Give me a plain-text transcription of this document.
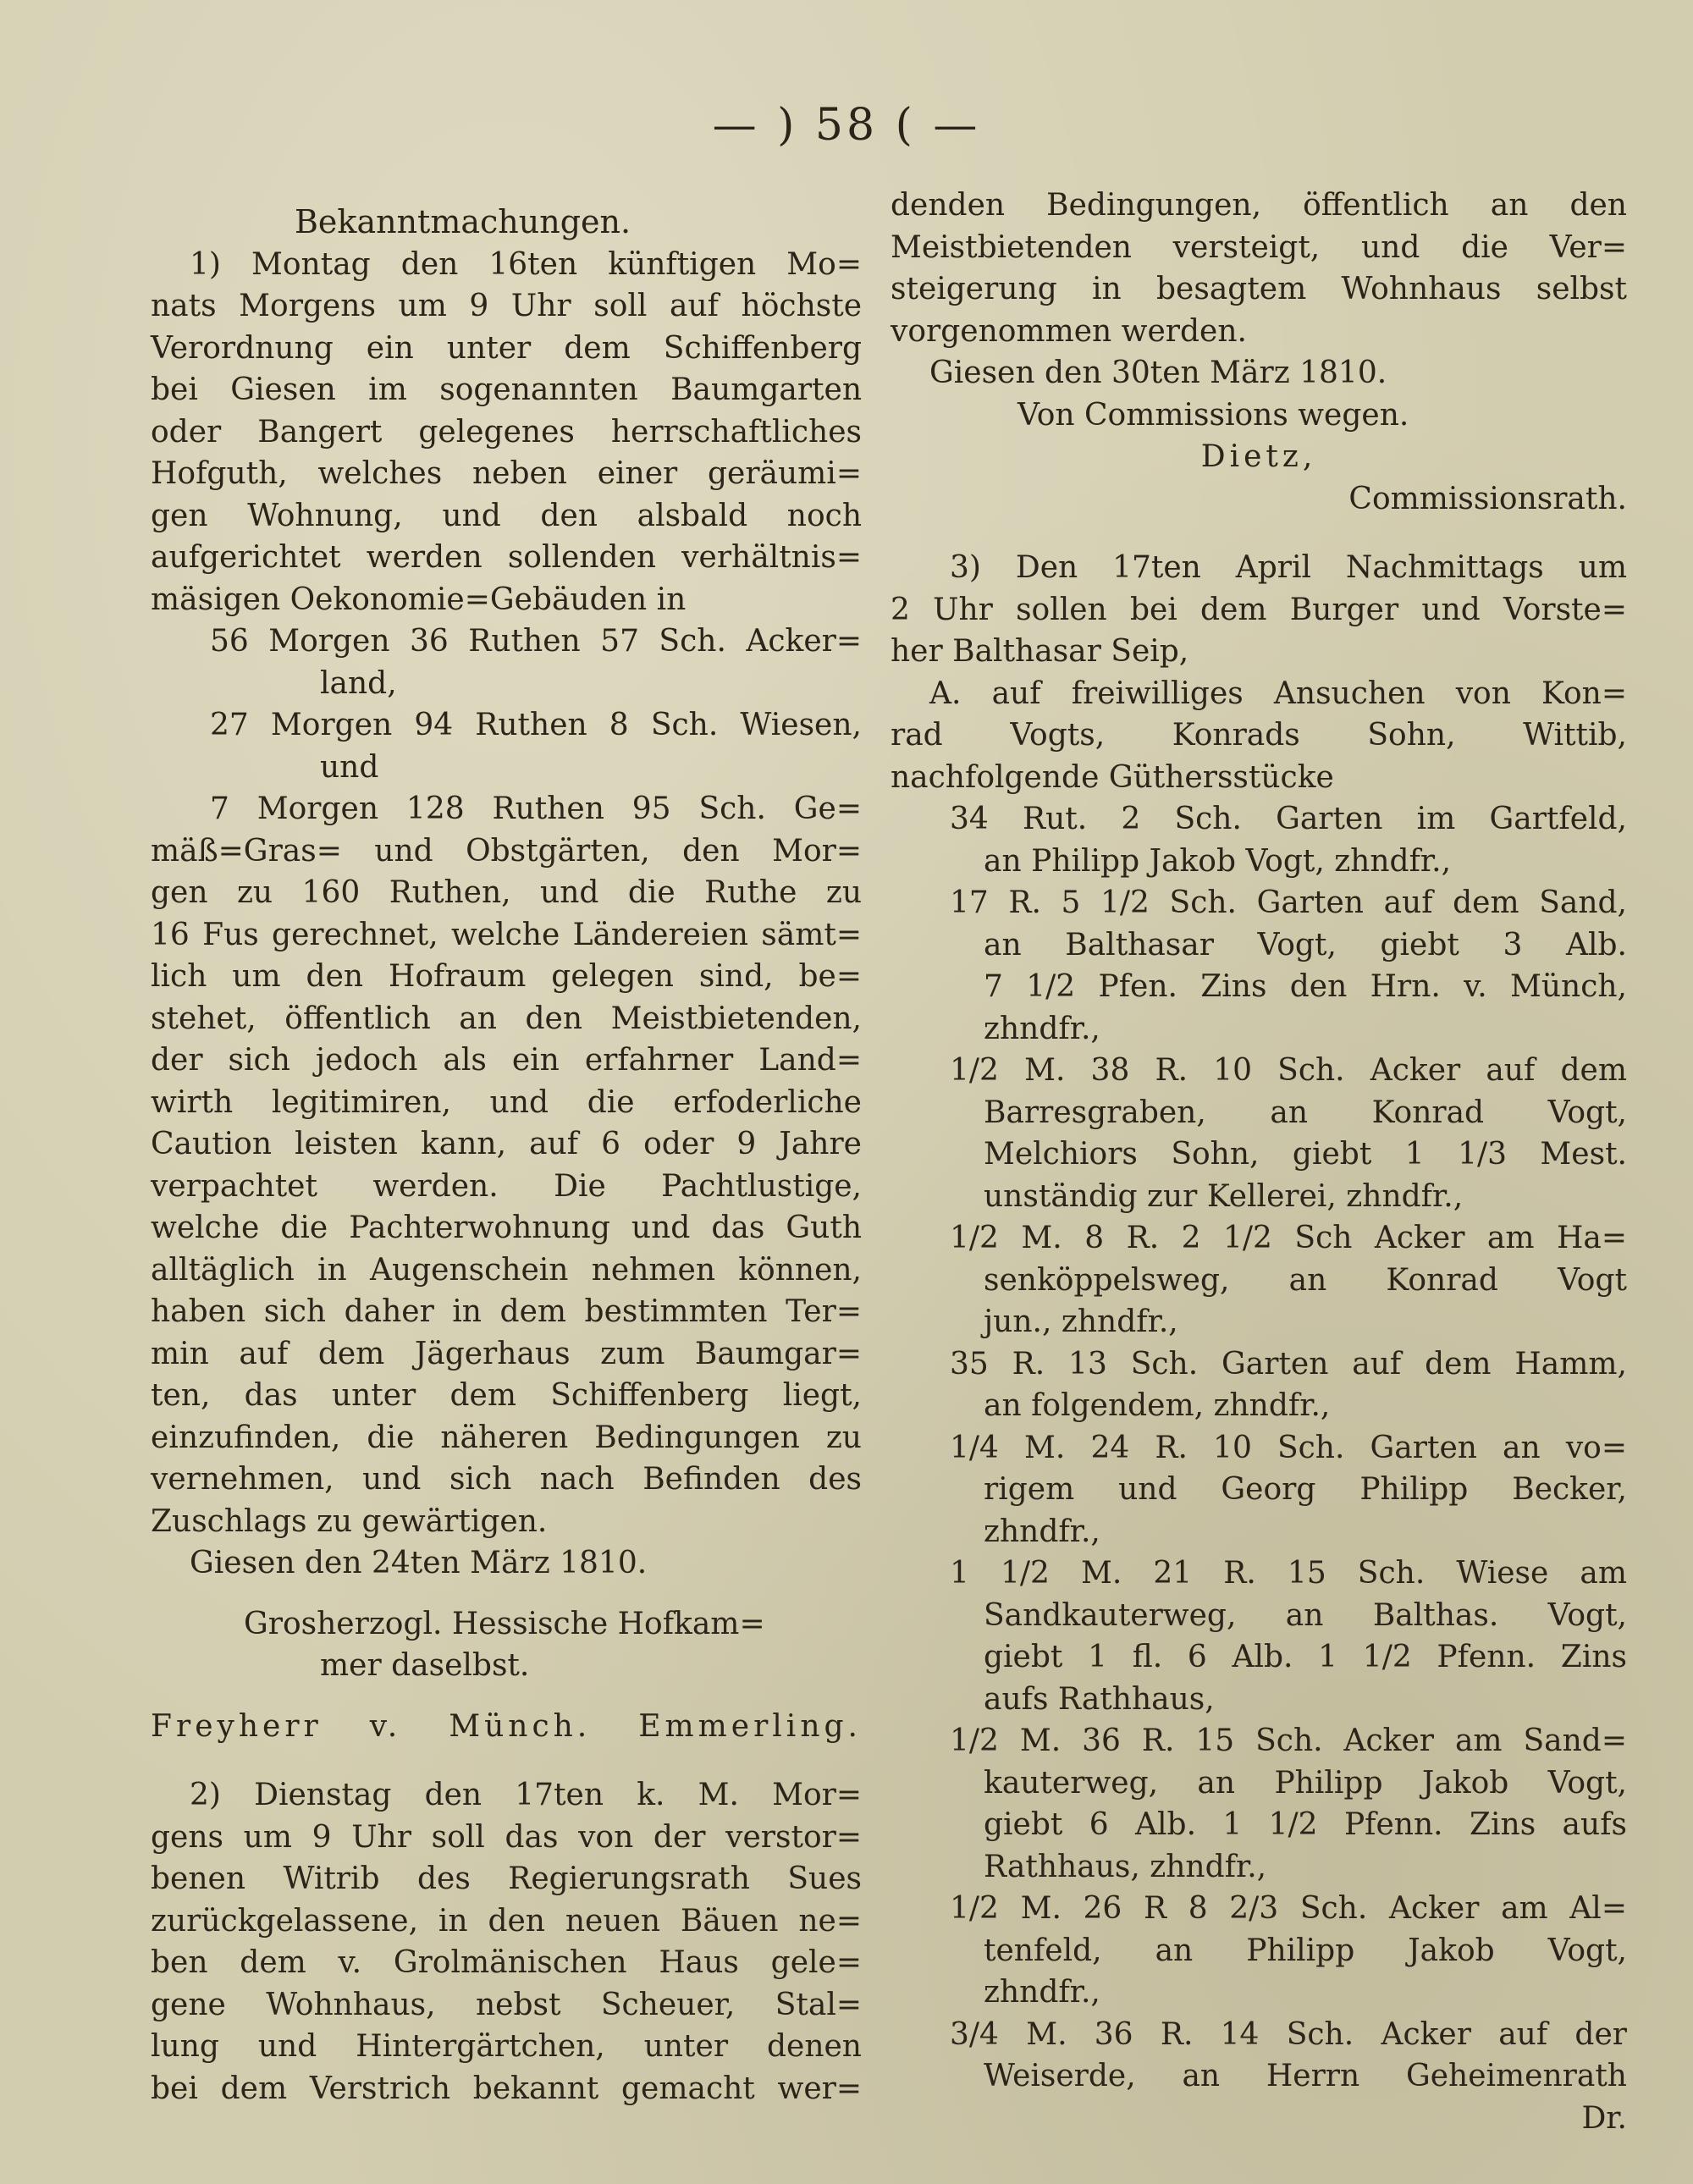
— ) 58 ( —
Bekanntmachungen.
1) Montag den 16ten künftigen Mo=
nats Morgens um 9 Uhr soll auf höchste
Verordnung ein unter dem Schiffenberg
bei Giesen im sogenannten Baumgarten
oder Bangert gelegenes herrschaftliches
Hofguth, welches neben einer geräumi=
gen Wohnung, und den alsbald noch
aufgerichtet werden sollenden verhältnis=
mäsigen Oekonomie=Gebäuden in
56 Morgen 36 Ruthen 57 Sch. Acker=
land,
27 Morgen 94 Ruthen 8 Sch. Wiesen,
und
7 Morgen 128 Ruthen 95 Sch. Ge=
mäß=Gras= und Obstgärten, den Mor=
gen zu 160 Ruthen, und die Ruthe zu
16 Fus gerechnet, welche Ländereien sämt=
lich um den Hofraum gelegen sind, be=
stehet, öffentlich an den Meistbietenden,
der sich jedoch als ein erfahrner Land=
wirth legitimiren, und die erfoderliche
Caution leisten kann, auf 6 oder 9 Jahre
verpachtet werden. Die Pachtlustige,
welche die Pachterwohnung und das Guth
alltäglich in Augenschein nehmen können,
haben sich daher in dem bestimmten Ter=
min auf dem Jägerhaus zum Baumgar=
ten, das unter dem Schiffenberg liegt,
einzufinden, die näheren Bedingungen zu
vernehmen, und sich nach Befinden des
Zuschlags zu gewärtigen.
Giesen den 24ten März 1810.
Grosherzogl. Hessische Hofkam=
mer daselbst.
Freyherr v. Münch. Emmerling.
2) Dienstag den 17ten k. M. Mor=
gens um 9 Uhr soll das von der verstor=
benen Witrib des Regierungsrath Sues
zurückgelassene, in den neuen Bäuen ne=
ben dem v. Grolmänischen Haus gele=
gene Wohnhaus, nebst Scheuer, Stal=
lung und Hintergärtchen, unter denen
bei dem Verstrich bekannt gemacht wer=
denden Bedingungen, öffentlich an den
Meistbietenden versteigt, und die Ver=
steigerung in besagtem Wohnhaus selbst
vorgenommen werden.
Giesen den 30ten März 1810.
Von Commissions wegen.
Dietz,
Commissionsrath.
3) Den 17ten April Nachmittags um
2 Uhr sollen bei dem Burger und Vorste=
her Balthasar Seip,
A. auf freiwilliges Ansuchen von Kon=
rad Vogts, Konrads Sohn, Wittib,
nachfolgende Güthersstücke
34 Rut. 2 Sch. Garten im Gartfeld,
an Philipp Jakob Vogt, zhndfr.,
17 R. 5 1/2 Sch. Garten auf dem Sand,
an Balthasar Vogt, giebt 3 Alb.
7 1/2 Pfen. Zins den Hrn. v. Münch,
zhndfr.,
1/2 M. 38 R. 10 Sch. Acker auf dem
Barresgraben, an Konrad Vogt,
Melchiors Sohn, giebt 1 1/3 Mest.
unständig zur Kellerei, zhndfr.,
1/2 M. 8 R. 2 1/2 Sch Acker am Ha=
senköppelsweg, an Konrad Vogt
jun., zhndfr.,
35 R. 13 Sch. Garten auf dem Hamm,
an folgendem, zhndfr.,
1/4 M. 24 R. 10 Sch. Garten an vo=
rigem und Georg Philipp Becker,
zhndfr.,
1 1/2 M. 21 R. 15 Sch. Wiese am
Sandkauterweg, an Balthas. Vogt,
giebt 1 fl. 6 Alb. 1 1/2 Pfenn. Zins
aufs Rathhaus,
1/2 M. 36 R. 15 Sch. Acker am Sand=
kauterweg, an Philipp Jakob Vogt,
giebt 6 Alb. 1 1/2 Pfenn. Zins aufs
Rathhaus, zhndfr.,
1/2 M. 26 R 8 2/3 Sch. Acker am Al=
tenfeld, an Philipp Jakob Vogt,
zhndfr.,
3/4 M. 36 R. 14 Sch. Acker auf der
Weiserde, an Herrn Geheimenrath
Dr.
